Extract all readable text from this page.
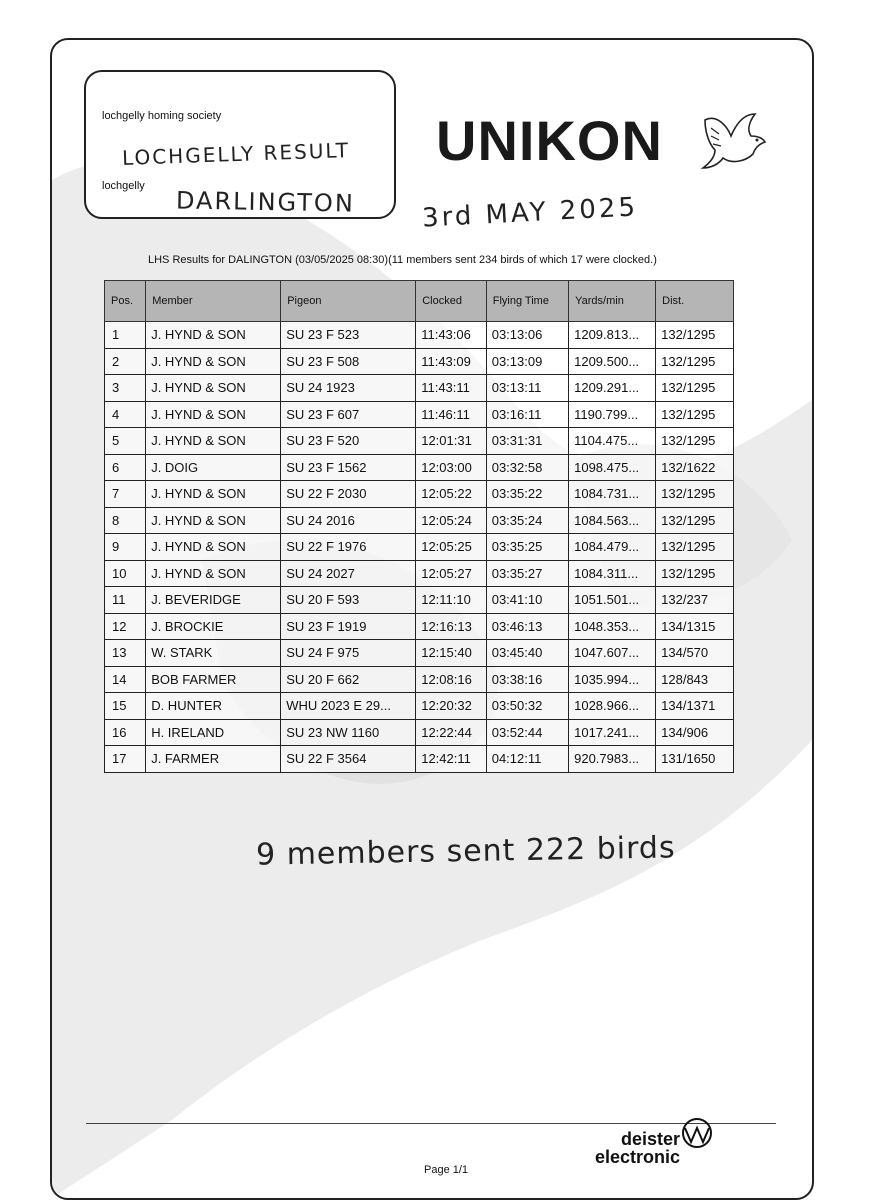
lochgelly homing society
LOCHGELLY RESULT
lochgelly
DARLINGTON
UNIKON
3rd MAY 2025
LHS Results for DALINGTON (03/05/2025 08:30)(11 members sent 234 birds of which 17 were clocked.)
Pos.	Member	Pigeon	Clocked	Flying Time	Yards/min	Dist.
1	J. HYND & SON	SU 23 F 523	11:43:06	03:13:06	1209.813...	132/1295
2	J. HYND & SON	SU 23 F 508	11:43:09	03:13:09	1209.500...	132/1295
3	J. HYND & SON	SU 24 1923	11:43:11	03:13:11	1209.291...	132/1295
4	J. HYND & SON	SU 23 F 607	11:46:11	03:16:11	1190.799...	132/1295
5	J. HYND & SON	SU 23 F 520	12:01:31	03:31:31	1104.475...	132/1295
6	J. DOIG	SU 23 F 1562	12:03:00	03:32:58	1098.475...	132/1622
7	J. HYND & SON	SU 22 F 2030	12:05:22	03:35:22	1084.731...	132/1295
8	J. HYND & SON	SU 24 2016	12:05:24	03:35:24	1084.563...	132/1295
9	J. HYND & SON	SU 22 F 1976	12:05:25	03:35:25	1084.479...	132/1295
10	J. HYND & SON	SU 24 2027	12:05:27	03:35:27	1084.311...	132/1295
11	J. BEVERIDGE	SU 20 F 593	12:11:10	03:41:10	1051.501...	132/237
12	J. BROCKIE	SU 23 F 1919	12:16:13	03:46:13	1048.353...	134/1315
13	W. STARK	SU 24 F 975	12:15:40	03:45:40	1047.607...	134/570
14	BOB FARMER	SU 20 F 662	12:08:16	03:38:16	1035.994...	128/843
15	D. HUNTER	WHU 2023 E 29...	12:20:32	03:50:32	1028.966...	134/1371
16	H. IRELAND	SU 23 NW 1160	12:22:44	03:52:44	1017.241...	134/906
17	J. FARMER	SU 22 F 3564	12:42:11	04:12:11	920.7983...	131/1650
9 members sent 222 birds
deister
electronic
Page 1/1
